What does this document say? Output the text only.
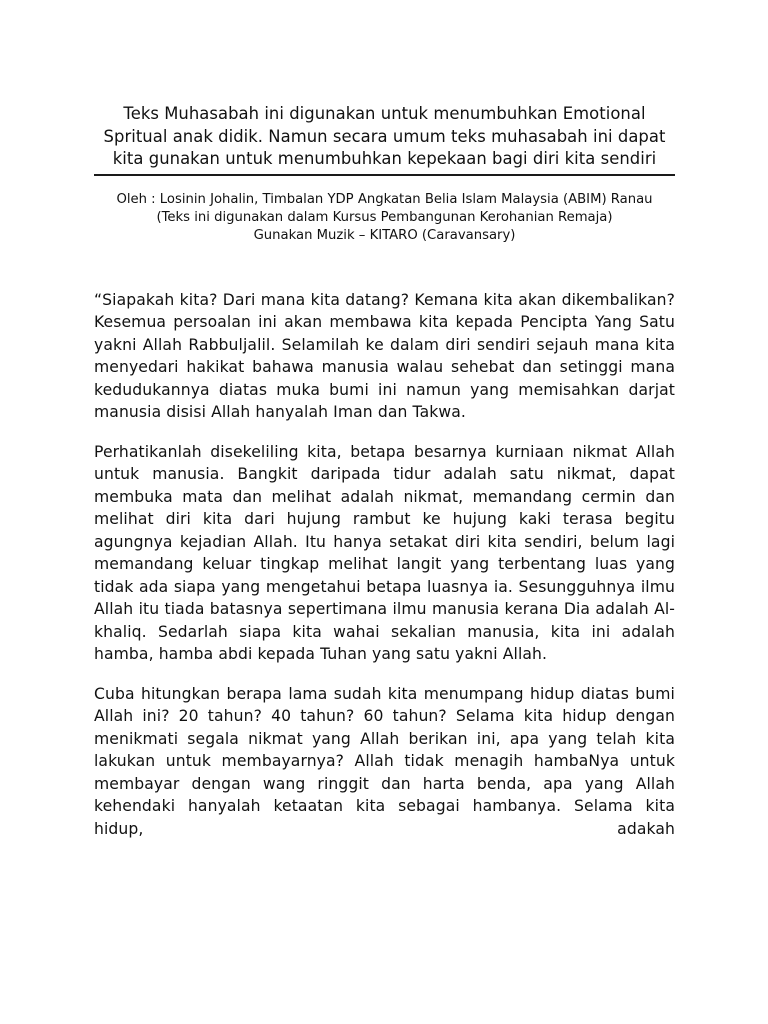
Teks Muhasabah ini digunakan untuk menumbuhkan Emotional Spritual anak didik. Namun secara umum teks muhasabah ini dapat kita gunakan untuk menumbuhkan kepekaan bagi diri kita sendiri
Oleh : Losinin Johalin, Timbalan YDP Angkatan Belia Islam Malaysia (ABIM) Ranau
(Teks ini digunakan dalam Kursus Pembangunan Kerohanian Remaja)
Gunakan Muzik – KITARO (Caravansary)

“Siapakah kita? Dari mana kita datang? Kemana kita akan dikembalikan? Kesemua persoalan ini akan membawa kita kepada Pencipta Yang Satu yakni Allah Rabbuljalil. Selamilah ke dalam diri sendiri sejauh mana kita menyedari hakikat bahawa manusia walau sehebat dan setinggi mana kedudukannya diatas muka bumi ini namun yang memisahkan darjat manusia disisi Allah hanyalah Iman dan Takwa.

Perhatikanlah disekeliling kita, betapa besarnya kurniaan nikmat Allah untuk manusia. Bangkit daripada tidur adalah satu nikmat, dapat membuka mata dan melihat adalah nikmat, memandang cermin dan melihat diri kita dari hujung rambut ke hujung kaki terasa begitu agungnya kejadian Allah. Itu hanya setakat diri kita sendiri, belum lagi memandang keluar tingkap melihat langit yang terbentang luas yang tidak ada siapa yang mengetahui betapa luasnya ia. Sesungguhnya ilmu Allah itu tiada batasnya sepertimana ilmu manusia kerana Dia adalah Al-khaliq. Sedarlah siapa kita wahai sekalian manusia, kita ini adalah hamba, hamba abdi kepada Tuhan yang satu yakni Allah.

Cuba hitungkan berapa lama sudah kita menumpang hidup diatas bumi Allah ini? 20 tahun? 40 tahun? 60 tahun? Selama kita hidup dengan menikmati segala nikmat yang Allah berikan ini, apa yang telah kita lakukan untuk membayarnya? Allah tidak menagih hambaNya untuk membayar dengan wang ringgit dan harta benda, apa yang Allah kehendaki hanyalah ketaatan kita sebagai hambanya. Selama kita hidup, adakah
